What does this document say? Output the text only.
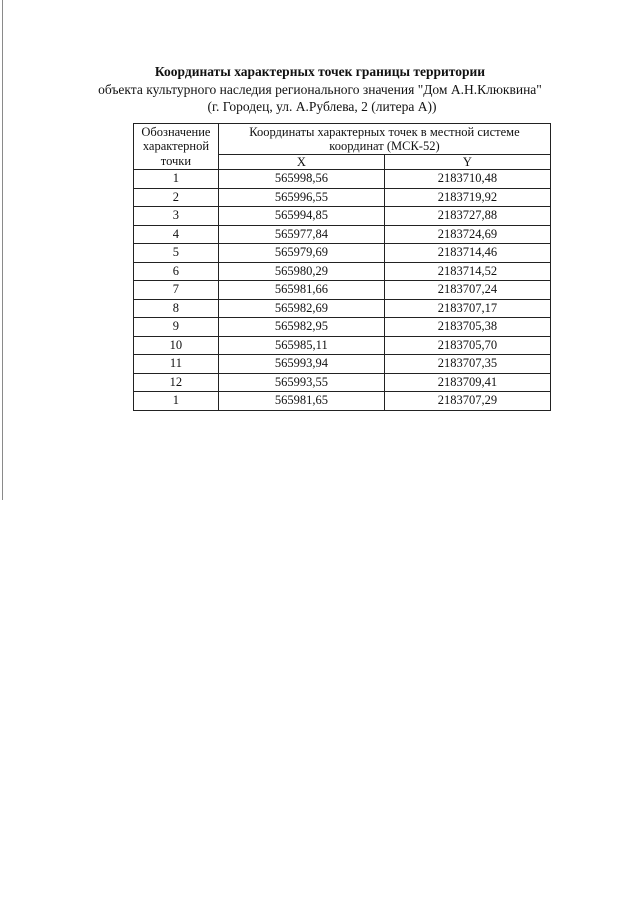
Координаты характерных точек границы территории

объекта культурного наследия регионального значения "Дом А.Н.Клюквина"

(г. Городец, ул. А.Рублева, 2 (литера А))

Обозначение
характерной
точки	Координаты характерных точек в местной системе
координат (МСК-52)	
	X	Y
1	565998,56	2183710,48
2	565996,55	2183719,92
3	565994,85	2183727,88
4	565977,84	2183724,69
5	565979,69	2183714,46
6	565980,29	2183714,52
7	565981,66	2183707,24
8	565982,69	2183707,17
9	565982,95	2183705,38
10	565985,11	2183705,70
11	565993,94	2183707,35
12	565993,55	2183709,41
1	565981,65	2183707,29
